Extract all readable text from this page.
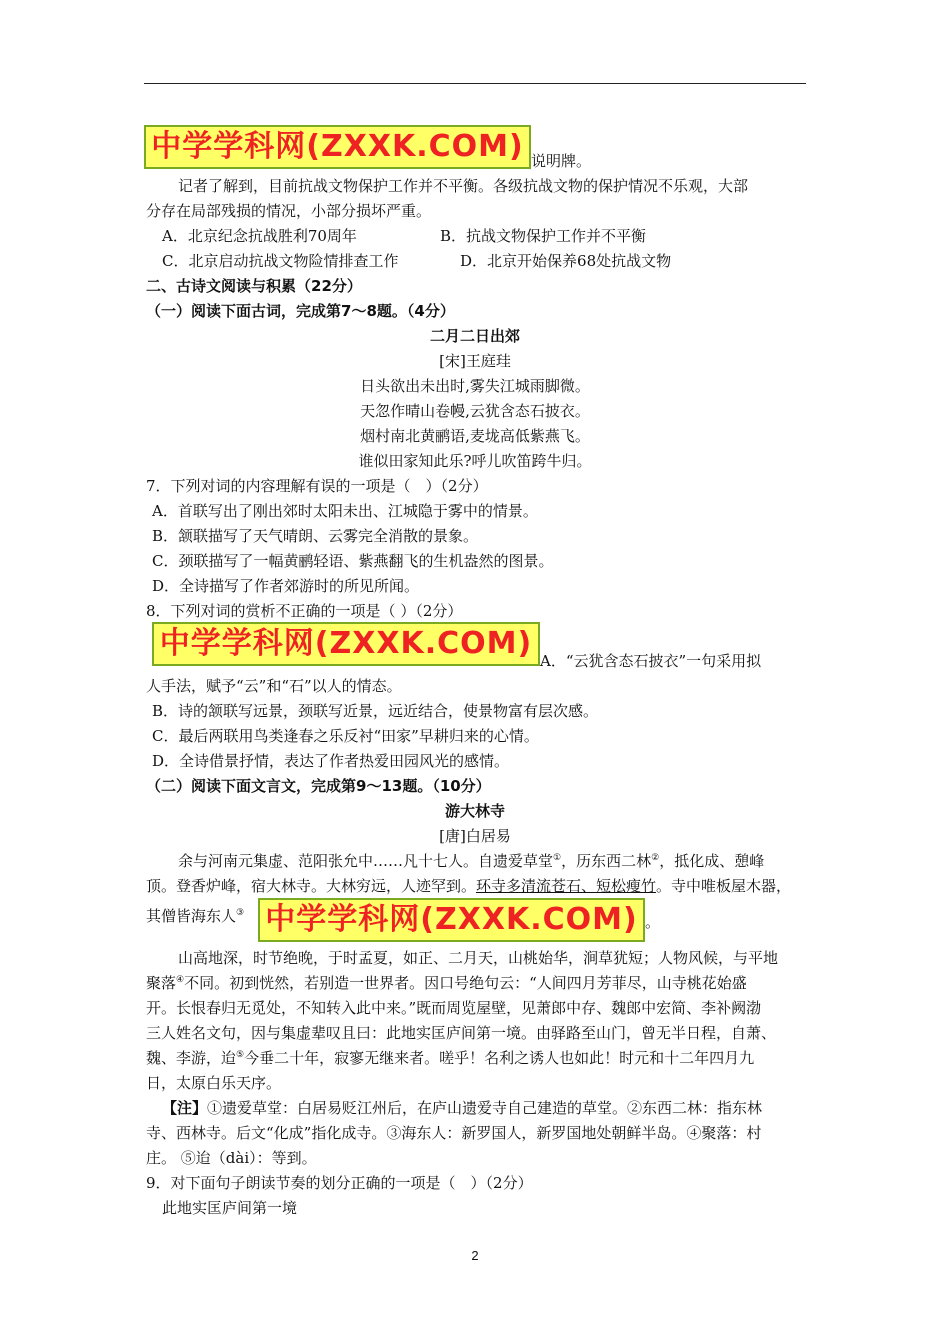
中学学科网(ZXXK.COM) 说明牌。
记者了解到，目前抗战文物保护工作并不平衡。各级抗战文物的保护情况不乐观，大部
分存在局部残损的情况，小部分损坏严重。
A．北京纪念抗战胜利70周年	B．抗战文物保护工作并不平衡
C．北京启动抗战文物险情排查工作	D．北京开始保养68处抗战文物
二、古诗文阅读与积累（22分）
（一）阅读下面古词，完成第7～8题。（4分）
二月二日出郊
[宋]王庭珪
日头欲出未出时,雾失江城雨脚微。
天忽作晴山卷幔,云犹含态石披衣。
烟村南北黄鹂语,麦垅高低紫燕飞。
谁似田家知此乐?呼儿吹笛跨牛归。
7．下列对词的内容理解有误的一项是（　）（2分）
A．首联写出了刚出郊时太阳未出、江城隐于雾中的情景。
B．颔联描写了天气晴朗、云雾完全消散的景象。
C．颈联描写了一幅黄鹂轻语、紫燕翻飞的生机盎然的图景。
D．全诗描写了作者郊游时的所见所闻。
8．下列对词的赏析不正确的一项是（ ）（2分）
中学学科网(ZXXK.COM) A．“云犹含态石披衣”一句采用拟
人手法，赋予“云”和“石”以人的情态。
B．诗的颔联写远景，颈联写近景，远近结合，使景物富有层次感。
C．最后两联用鸟类逢春之乐反衬“田家”早耕归来的心情。
D．全诗借景抒情，表达了作者热爱田园风光的感情。
（二）阅读下面文言文，完成第9～13题。（10分）
游大林寺
[唐]白居易
余与河南元集虚、范阳张允中……凡十七人。自遗爱草堂①，历东西二林②，抵化成、憩峰
顶。登香炉峰，宿大林寺。大林穷远，人迹罕到。环寺多清流苍石、短松瘦竹。寺中唯板屋木器，
其僧皆海东人③ 中学学科网(ZXXK.COM) 。
山高地深，时节绝晚，于时孟夏，如正、二月天，山桃始华，涧草犹短；人物风候，与平地
聚落④不同。初到恍然，若别造一世界者。因口号绝句云：“人间四月芳菲尽，山寺桃花始盛
开。长恨春归无觅处，不知转入此中来。”既而周览屋壁，见萧郎中存、魏郎中宏简、李补阙渤
三人姓名文句，因与集虚辈叹且曰：此地实匡庐间第一境。由驿路至山门，曾无半日程，自萧、
魏、李游，迨⑤今垂二十年，寂寥无继来者。嗟乎！名利之诱人也如此！时元和十二年四月九
日，太原白乐天序。
【注】①遗爱草堂：白居易贬江州后，在庐山遗爱寺自己建造的草堂。②东西二林：指东林
寺、西林寺。后文“化成”指化成寺。③海东人：新罗国人，新罗国地处朝鲜半岛。④聚落：村
庄。 ⑤迨（dài）：等到。
9．对下面句子朗读节奏的划分正确的一项是（　）（2分）
此地实匡庐间第一境
2
